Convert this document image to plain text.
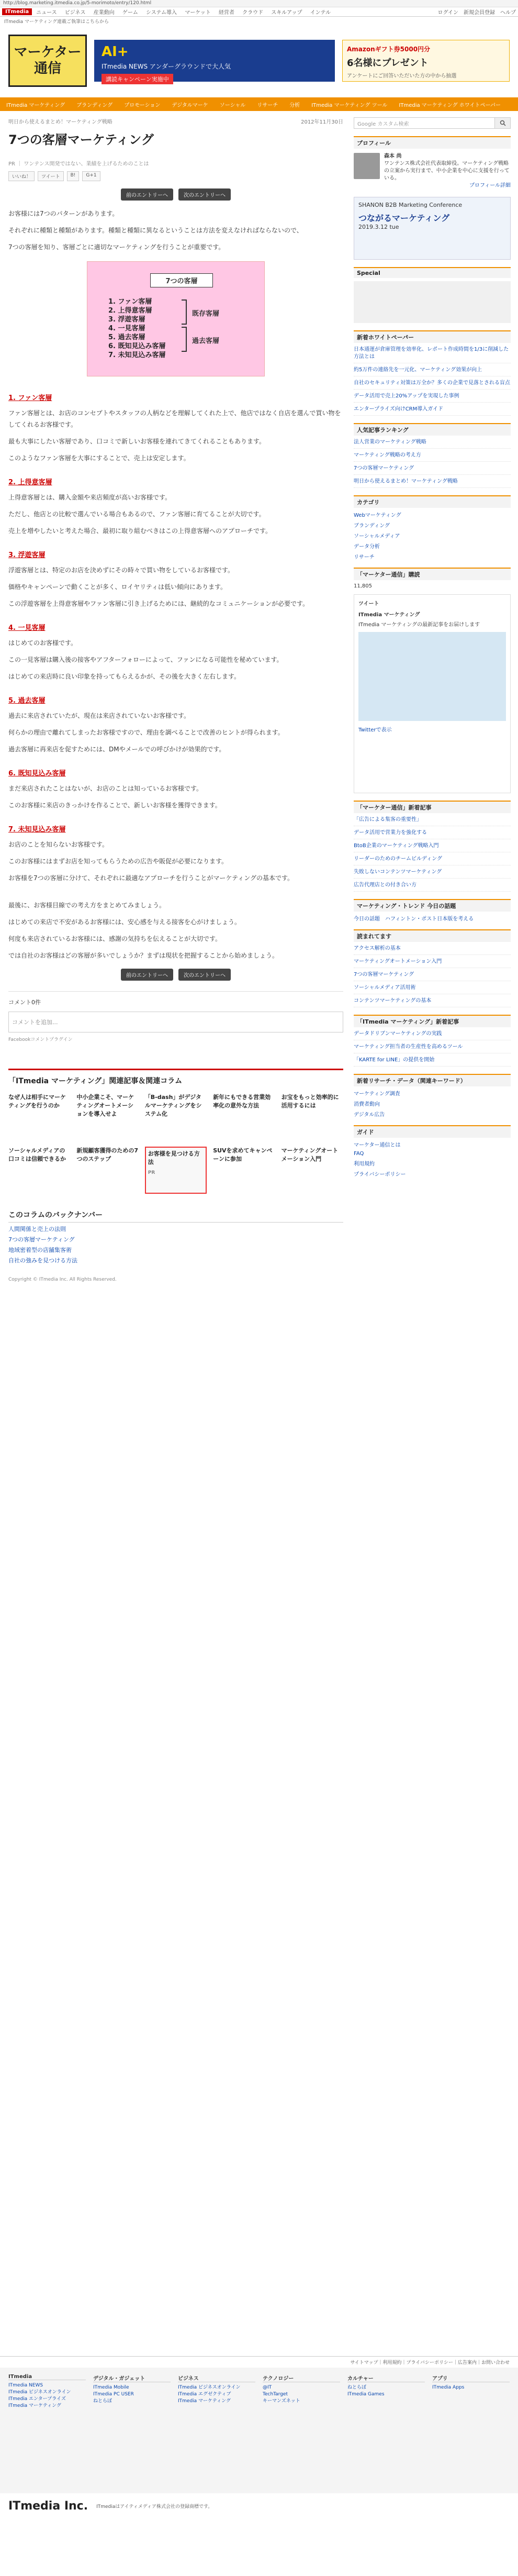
http://blog.marketing.itmedia.co.jp/5-morimoto/entry/120.html
ITmedia	ニュース ビジネス 産業動向 ゲーム システム導入 マーケット 経営者 クラウド スキルアップ インテル	ログイン 新規会員登録 ヘルプ
ITmedia マーケティング連載ご執筆はこちらから
マーケター通信
AI+
ITmedia NEWS アンダーグラウンドで大人気
講読キャンペーン実施中
Amazonギフト券5000円分
6名様にプレゼント
アンケートにご回答いただいた方の中から抽選
ITmedia マーケティング ブランディング プロモーション デジタルマーケ ソーシャル リサーチ 分析 ITmedia マーケティング ツール ITmedia マーケティング ホワイトペーパー
明日から使えるまとめ！マーケティング戦略	2012年11月30日
7つの客層マーケティング
PR ｜ ワンテンス開発ではない、業績を上げるためのことは
いいね！	ツイート	B!	G+1
前のエントリーへ	次のエントリーへ

お客様には7つのパターンがあります。

それぞれに種類と種類があります。種類と種類に異なるということは方法を変えなければならないので、

7つの客層を知り、客層ごとに適切なマーケティングを行うことが重要です。

7つの客層
1. ファン客層
2. 上得意客層
3. 浮遊客層
4. 一見客層
5. 過去客層
6. 既知見込み客層
7. 未知見込み客層
既存客層
過去客層
1. ファン客層

ファン客層とは、お店のコンセプトやスタッフの人柄などを理解してくれた上で、他店ではなく自店を選んで買い物をしてくれるお客様です。

最も大事にしたい客層であり、口コミで新しいお客様を連れてきてくれることもあります。

このようなファン客層を大事にすることで、売上は安定します。

2. 上得意客層

上得意客層とは、購入金額や来店頻度が高いお客様です。

ただし、他店との比較で選んでいる場合もあるので、ファン客層に育てることが大切です。

売上を増やしたいと考えた場合、最初に取り組むべきはこの上得意客層へのアプローチです。

3. 浮遊客層

浮遊客層とは、特定のお店を決めずにその時々で買い物をしているお客様です。

価格やキャンペーンで動くことが多く、ロイヤリティは低い傾向にあります。

この浮遊客層を上得意客層やファン客層に引き上げるためには、継続的なコミュニケーションが必要です。

4. 一見客層

はじめてのお客様です。

この一見客層は購入後の接客やアフターフォローによって、ファンになる可能性を秘めています。

はじめての来店時に良い印象を持ってもらえるかが、その後を大きく左右します。

5. 過去客層

過去に来店されていたが、現在は来店されていないお客様です。

何らかの理由で離れてしまったお客様ですので、理由を調べることで改善のヒントが得られます。

過去客層に再来店を促すためには、DMやメールでの呼びかけが効果的です。

6. 既知見込み客層

まだ来店されたことはないが、お店のことは知っているお客様です。

このお客様に来店のきっかけを作ることで、新しいお客様を獲得できます。

7. 未知見込み客層

お店のことを知らないお客様です。

このお客様にはまずお店を知ってもらうための広告や販促が必要になります。

お客様を7つの客層に分けて、それぞれに最適なアプローチを行うことがマーケティングの基本です。

最後に、お客様目線での考え方をまとめてみましょう。

はじめての来店で不安があるお客様には、安心感を与える接客を心がけましょう。

何度も来店されているお客様には、感謝の気持ちを伝えることが大切です。

では自社のお客様はどの客層が多いでしょうか？まずは現状を把握することから始めましょう。

前のエントリーへ	次のエントリーへ
コメント0件
コメントを追加...
Facebookコメントプラグイン
「ITmedia マーケティング」関連記事＆関連コラム
なぜ人は相手にマーケティングを行うのか
中小企業こそ、マーケティングオートメーションを導入せよ
「B-dash」がデジタルマーケティングをシステム化
新年にもできる営業効率化の意外な方法
お宝をもっと効率的に活用するには
ソーシャルメディアの口コミは信頼できるか
新規顧客獲得のための7つのステップ
お客様を見つける方法
PR
SUVを求めてキャンペーンに参加
マーケティングオートメーション入門
このコラムのバックナンバー
人間関係と売上の法則
7つの客層マーケティング
地域密着型の店舗集客術
自社の強みを見つける方法
Copyright © ITmedia Inc. All Rights Reserved.
Google カスタム検索
プロフィール
森本 尚
ワンテンス株式会社代表取締役。マーケティング戦略の立案から実行まで、中小企業を中心に支援を行っている。
プロフィール詳細
SHANON B2B Marketing Conference
つながるマーケティング
2019.3.12 tue
Special
新着ホワイトペーパー
日本通運が倉庫管理を効率化、レポート作成時間を1/3に削減した方法とは
約5万件の連絡先を一元化、マーケティング効果が向上
自社のセキュリティ対策は万全か？多くの企業で見落とされる盲点
データ活用で売上20%アップを実現した事例
エンタープライズ向けCRM導入ガイド
人気記事ランキング
法人営業のマーケティング戦略
マーケティング戦略の考え方
7つの客層マーケティング
明日から使えるまとめ！マーケティング戦略
カテゴリ
Webマーケティング
ブランディング
ソーシャルメディア
データ分析
リサーチ
「マーケター通信」購読
11,805
ツイート
ITmedia マーケティング
ITmedia マーケティングの最新記事をお届けします
Twitterで表示
「マーケター通信」新着記事
「広告による集客の重要性」
データ活用で営業力を強化する
BtoB企業のマーケティング戦略入門
リーダーのためのチームビルディング
失敗しないコンテンツマーケティング
広告代理店との付き合い方
マーケティング・トレンド 今日の話題
今日の話題　ハフィントン・ポスト日本版を考える
読まれてます
アクセス解析の基本
マーケティングオートメーション入門
7つの客層マーケティング
ソーシャルメディア活用術
コンテンツマーケティングの基本
「ITmedia マーケティング」新着記事
データドリブンマーケティングの実践
マーケティング担当者の生産性を高めるツール
「KARTE for LINE」の提供を開始
新着リサーチ・データ（関連キーワード）
マーケティング調査
消費者動向
デジタル広告
ガイド
マーケター通信とは
FAQ
利用規約
プライバシーポリシー
サイトマップ｜利用規約｜プライバシーポリシー｜広告案内｜お問い合わせ
ITmedia
ITmedia NEWS
ITmedia ビジネスオンライン
ITmedia エンタープライズ
ITmedia マーケティング
デジタル・ガジェット
ITmedia Mobile
ITmedia PC USER
ねとらぼ
ビジネス
ITmedia ビジネスオンライン
ITmedia エグゼクティブ
ITmedia マーケティング
テクノロジー
@IT
TechTarget
キーマンズネット
カルチャー
ねとらぼ
ITmedia Games
アプリ
ITmedia Apps
ITmedia Inc. ITmediaはアイティメディア株式会社の登録商標です。
